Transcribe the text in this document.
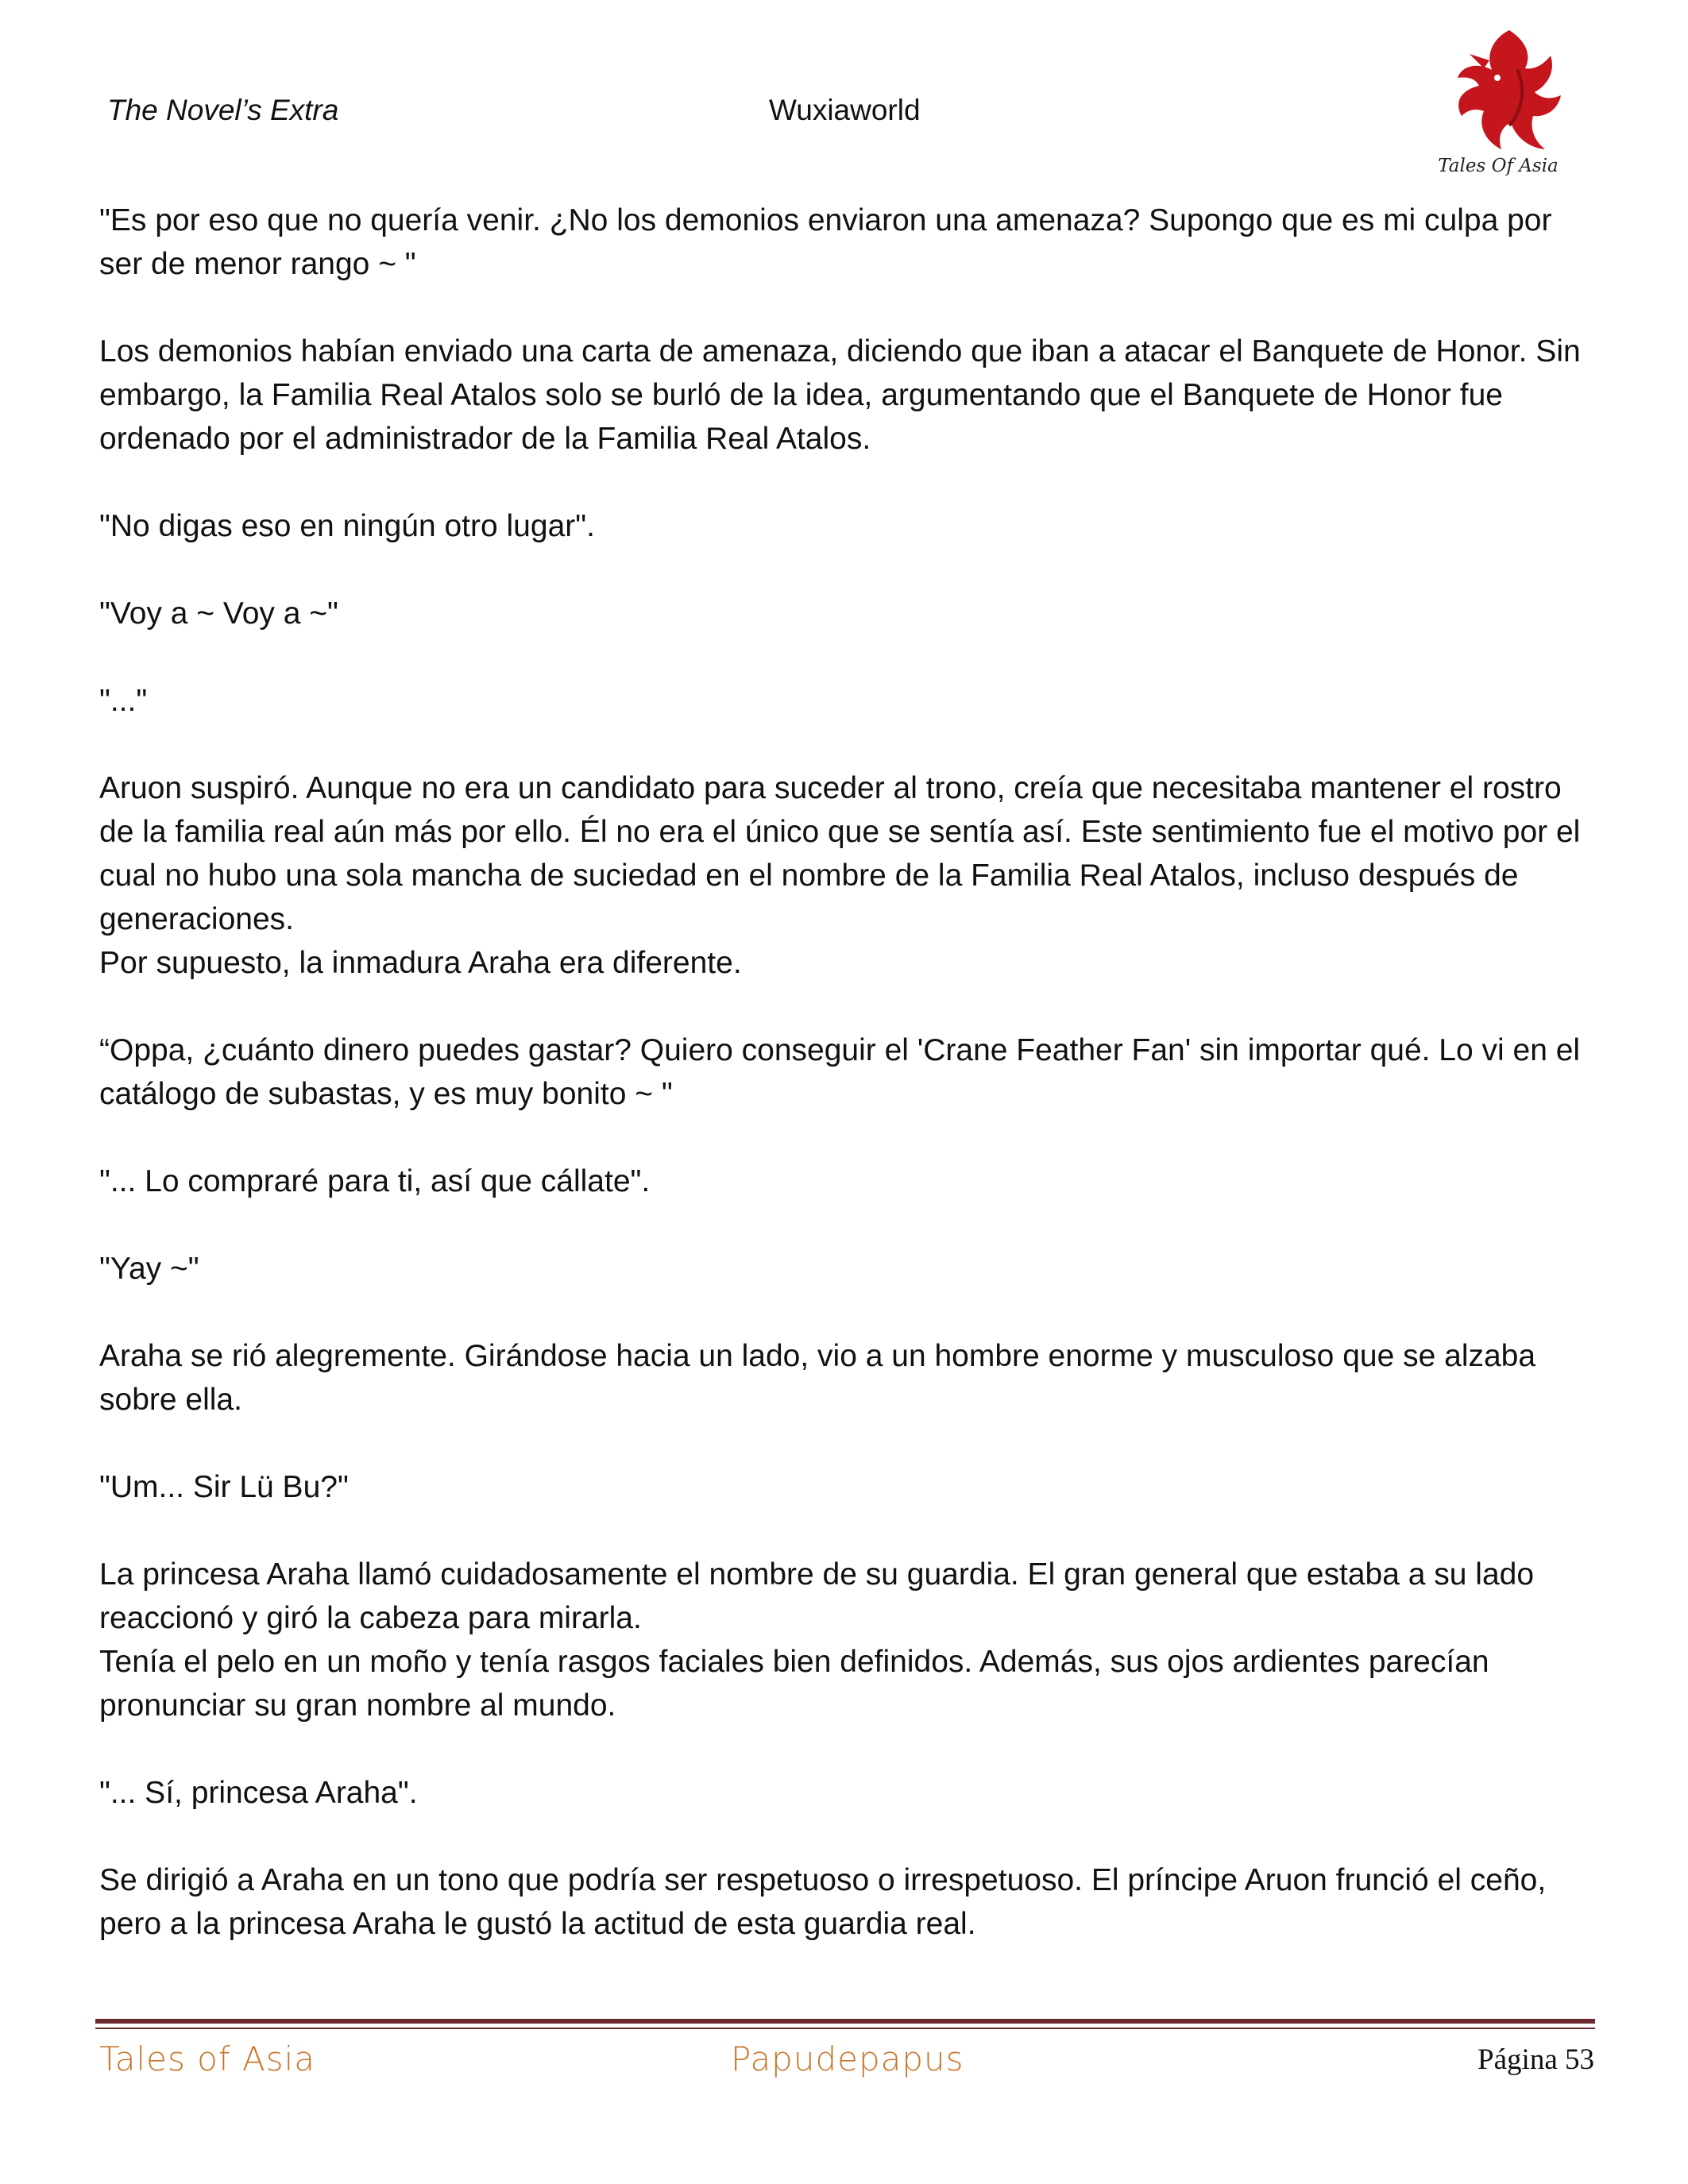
The Novel’s Extra	Wuxiaworld
Tales Of Asia

"Es por eso que no quería venir. ¿No los demonios enviaron una amenaza? Supongo que es mi culpa por ser de menor rango ~ "

Los demonios habían enviado una carta de amenaza, diciendo que iban a atacar el Banquete de Honor. Sin embargo, la Familia Real Atalos solo se burló de la idea, argumentando que el Banquete de Honor fue ordenado por el administrador de la Familia Real Atalos.

"No digas eso en ningún otro lugar".

"Voy a ~ Voy a ~"

"..."

Aruon suspiró. Aunque no era un candidato para suceder al trono, creía que necesitaba mantener el rostro de la familia real aún más por ello. Él no era el único que se sentía así. Este sentimiento fue el motivo por el cual no hubo una sola mancha de suciedad en el nombre de la Familia Real Atalos, incluso después de generaciones.

Por supuesto, la inmadura Araha era diferente.

“Oppa, ¿cuánto dinero puedes gastar? Quiero conseguir el 'Crane Feather Fan' sin importar qué. Lo vi en el catálogo de subastas, y es muy bonito ~ "

"... Lo compraré para ti, así que cállate".

"Yay ~"

Araha se rió alegremente. Girándose hacia un lado, vio a un hombre enorme y musculoso que se alzaba sobre ella.

"Um... Sir Lü Bu?"

La princesa Araha llamó cuidadosamente el nombre de su guardia. El gran general que estaba a su lado reaccionó y giró la cabeza para mirarla.

Tenía el pelo en un moño y tenía rasgos faciales bien definidos. Además, sus ojos ardientes parecían pronunciar su gran nombre al mundo.

"... Sí, princesa Araha".

Se dirigió a Araha en un tono que podría ser respetuoso o irrespetuoso. El príncipe Aruon frunció el ceño, pero a la princesa Araha le gustó la actitud de esta guardia real.

Tales of Asia	Papudepapus	Página 53
